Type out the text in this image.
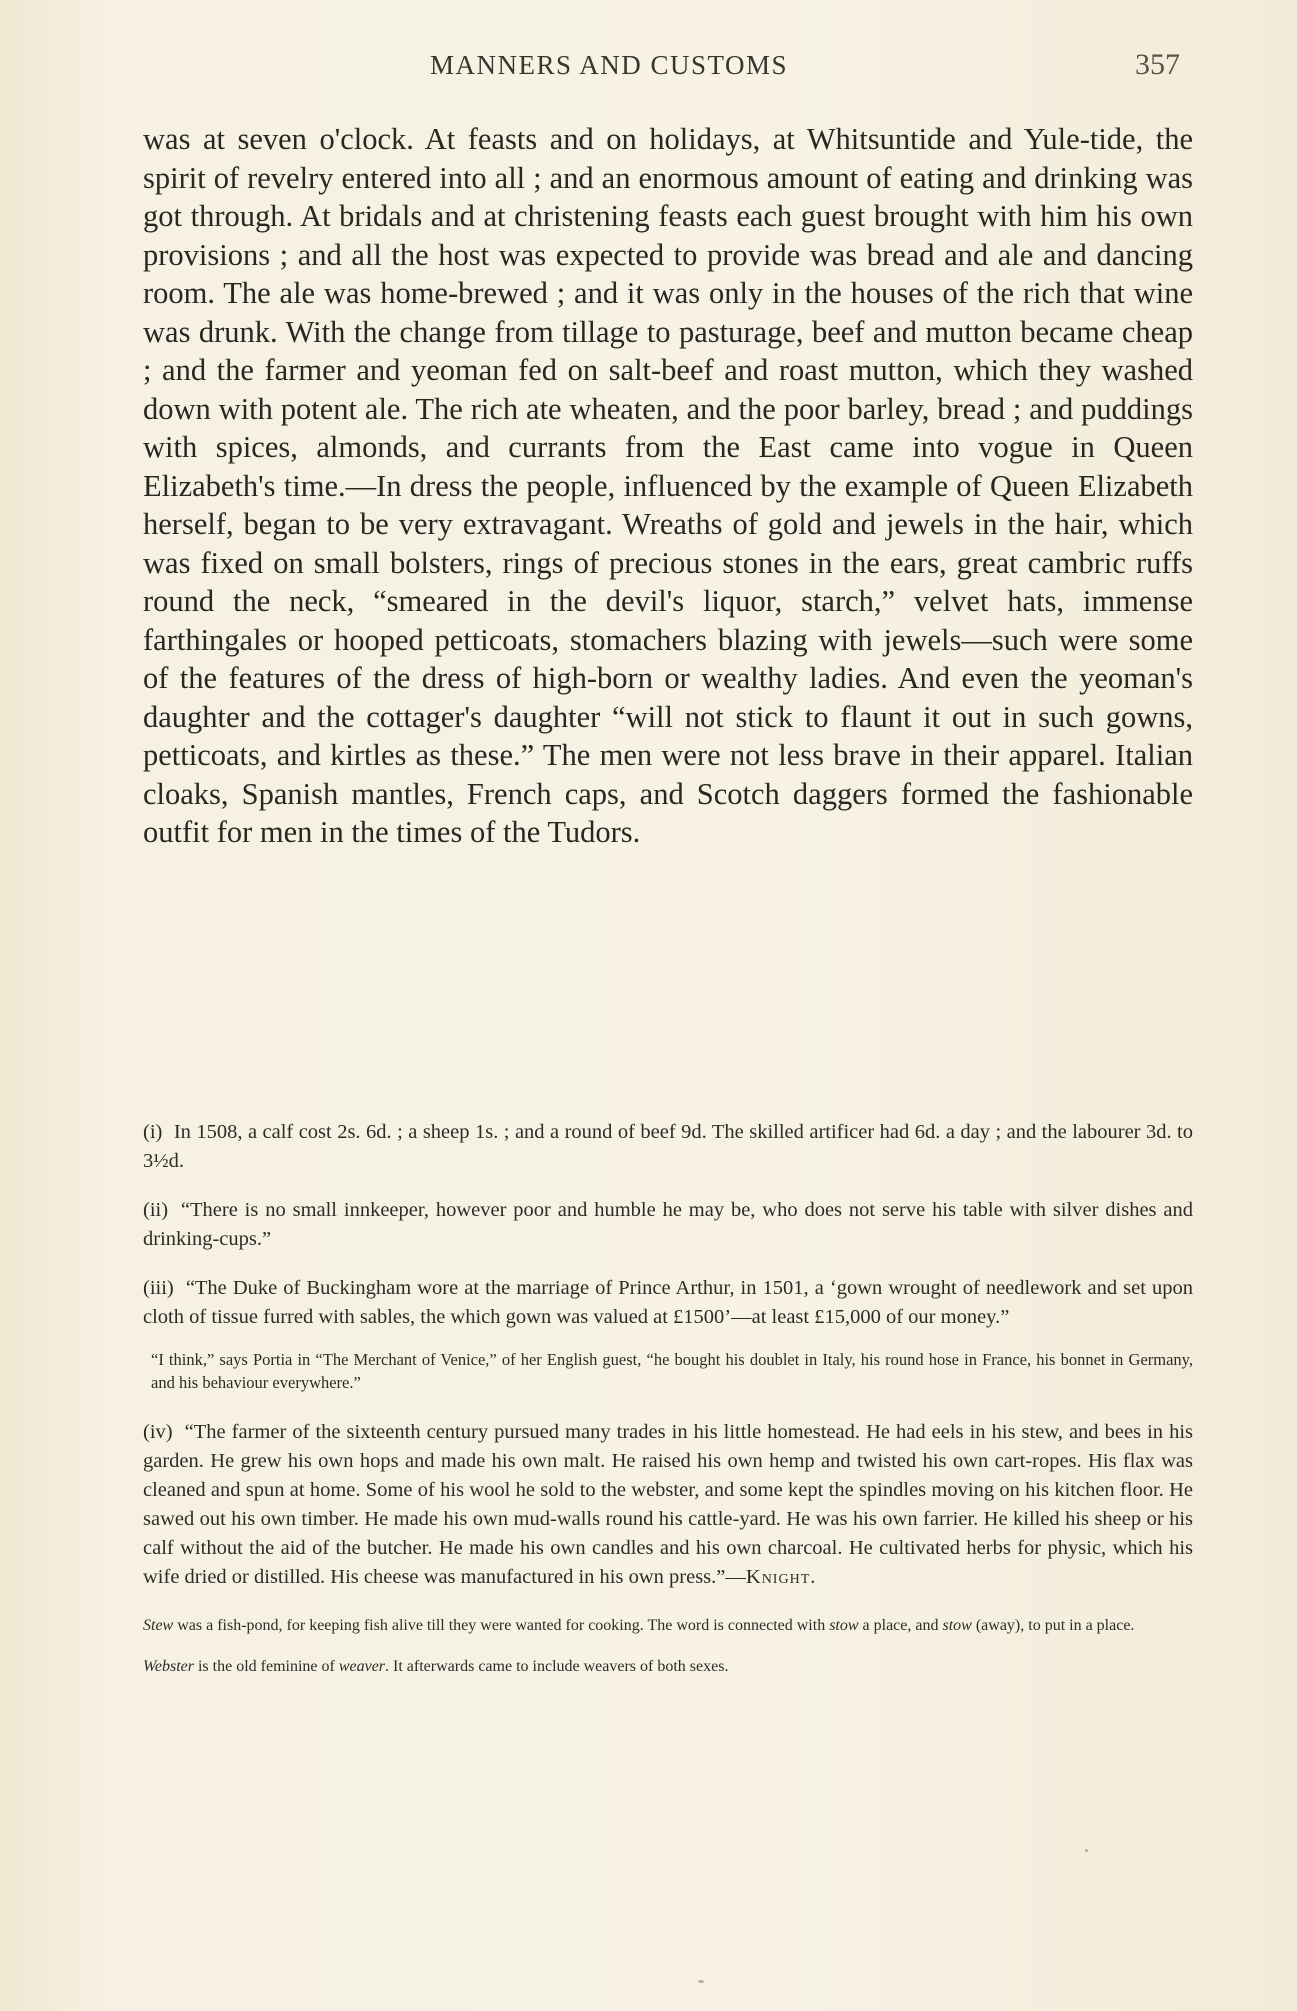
MANNERS AND CUSTOMS	357

was at seven o'clock. At feasts and on holidays, at Whitsuntide and Yule-tide, the spirit of revelry entered into all ; and an enormous amount of eating and drinking was got through. At bridals and at christening feasts each guest brought with him his own provisions ; and all the host was expected to provide was bread and ale and dancing room. The ale was home-brewed ; and it was only in the houses of the rich that wine was drunk. With the change from tillage to pasturage, beef and mutton became cheap ; and the farmer and yeoman fed on salt-beef and roast mutton, which they washed down with potent ale. The rich ate wheaten, and the poor barley, bread ; and puddings with spices, almonds, and currants from the East came into vogue in Queen Elizabeth's time.—In dress the people, influenced by the example of Queen Elizabeth herself, began to be very extravagant. Wreaths of gold and jewels in the hair, which was fixed on small bolsters, rings of precious stones in the ears, great cambric ruffs round the neck, “smeared in the devil's liquor, starch,” velvet hats, immense farthingales or hooped petticoats, stomachers blazing with jewels—such were some of the features of the dress of high-born or wealthy ladies. And even the yeoman's daughter and the cottager's daughter “will not stick to flaunt it out in such gowns, petticoats, and kirtles as these.” The men were not less brave in their apparel. Italian cloaks, Spanish mantles, French caps, and Scotch daggers formed the fashionable outfit for men in the times of the Tudors.

(i) In 1508, a calf cost 2s. 6d. ; a sheep 1s. ; and a round of beef 9d. The skilled artificer had 6d. a day ; and the labourer 3d. to 3½d.

(ii) “There is no small innkeeper, however poor and humble he may be, who does not serve his table with silver dishes and drinking-cups.”

(iii) “The Duke of Buckingham wore at the marriage of Prince Arthur, in 1501, a ‘gown wrought of needlework and set upon cloth of tissue furred with sables, the which gown was valued at £1500’—at least £15,000 of our money.”

“I think,” says Portia in “The Merchant of Venice,” of her English guest, “he bought his doublet in Italy, his round hose in France, his bonnet in Germany, and his behaviour everywhere.”

(iv) “The farmer of the sixteenth century pursued many trades in his little homestead. He had eels in his stew, and bees in his garden. He grew his own hops and made his own malt. He raised his own hemp and twisted his own cart-ropes. His flax was cleaned and spun at home. Some of his wool he sold to the webster, and some kept the spindles moving on his kitchen floor. He sawed out his own timber. He made his own mud-walls round his cattle-yard. He was his own farrier. He killed his sheep or his calf without the aid of the butcher. He made his own candles and his own charcoal. He cultivated herbs for physic, which his wife dried or distilled. His cheese was manufactured in his own press.”—Knight.

Stew was a fish-pond, for keeping fish alive till they were wanted for cooking. The word is connected with stow a place, and stow (away), to put in a place.

Webster is the old feminine of weaver. It afterwards came to include weavers of both sexes.
